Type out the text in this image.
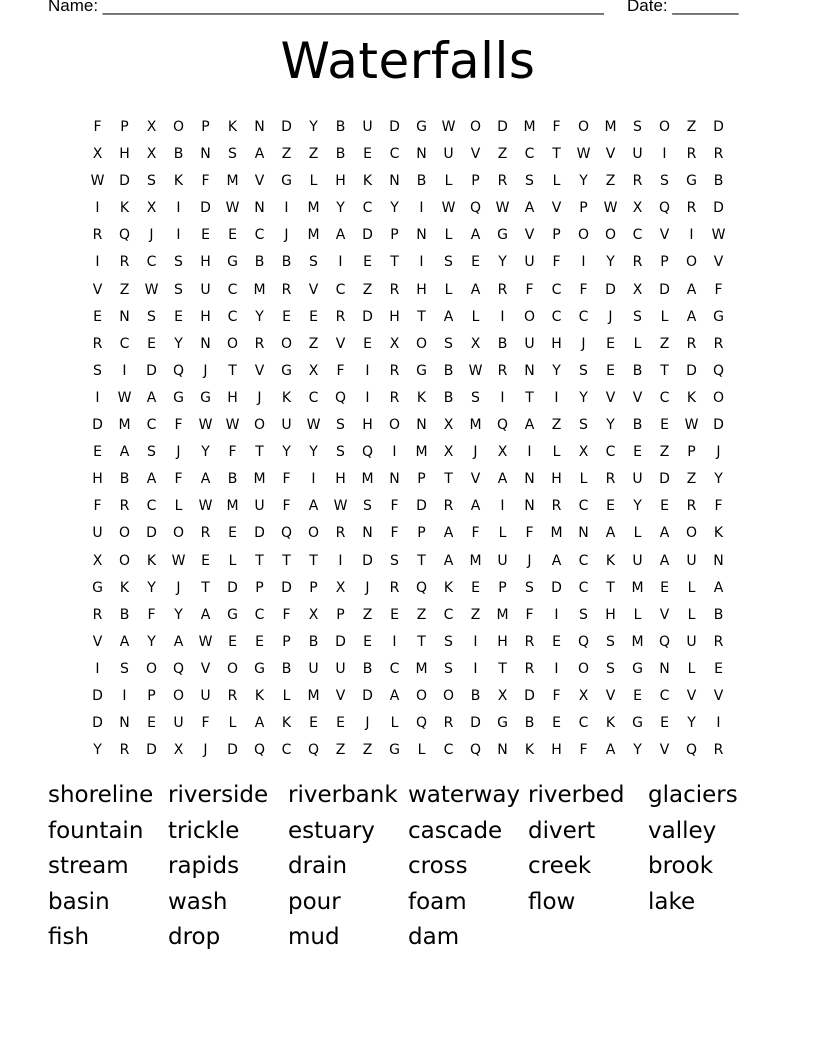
Name: _____________________________________________________ Date: _______
Waterfalls
F	P	X	O	P	K	N	D	Y	B	U	D	G	W	O	D	M	F	O	M	S	O	Z	D
X	H	X	B	N	S	A	Z	Z	B	E	C	N	U	V	Z	C	T	W	V	U	I	R	R
W	D	S	K	F	M	V	G	L	H	K	N	B	L	P	R	S	L	Y	Z	R	S	G	B
I	K	X	I	D	W	N	I	M	Y	C	Y	I	W	Q	W	A	V	P	W	X	Q	R	D
R	Q	J	I	E	E	C	J	M	A	D	P	N	L	A	G	V	P	O	O	C	V	I	W
I	R	C	S	H	G	B	B	S	I	E	T	I	S	E	Y	U	F	I	Y	R	P	O	V
V	Z	W	S	U	C	M	R	V	C	Z	R	H	L	A	R	F	C	F	D	X	D	A	F
E	N	S	E	H	C	Y	E	E	R	D	H	T	A	L	I	O	C	C	J	S	L	A	G
R	C	E	Y	N	O	R	O	Z	V	E	X	O	S	X	B	U	H	J	E	L	Z	R	R
S	I	D	Q	J	T	V	G	X	F	I	R	G	B	W	R	N	Y	S	E	B	T	D	Q
I	W	A	G	G	H	J	K	C	Q	I	R	K	B	S	I	T	I	Y	V	V	C	K	O
D	M	C	F	W W	O	U	W	S	H	O	N	X	M	Q	A	Z	S	Y	B	E	W	D
E	A	S	J	Y	F	T	Y	Y	S	Q	I	M	X	J	X	I	L	X	C	E	Z	P	J
H	B	A	F	A	B	M	F	I	H	M	N	P	T	V	A	N	H	L	R	U	D	Z	Y
F	R	C	L	W	M	U	F	A	W	S	F	D	R	A	I	N	R	C	E	Y	E	R	F
U	O	D	O	R	E	D	Q	O	R	N	F	P	A	F	L	F	M	N	A	L	A	O	K
X	O	K	W	E	L	T	T	T	I	D	S	T	A	M	U	J	A	C	K	U	A	U	N
G	K	Y	J	T	D	P	D	P	X	J	R	Q	K	E	P	S	D	C	T	M	E	L	A
R	B	F	Y	A	G	C	F	X	P	Z	E	Z	C	Z	M	F	I	S	H	L	V	L	B
V	A	Y	A	W	E	E	P	B	D	E	I	T	S	I	H	R	E	Q	S	M	Q	U	R
I	S	O	Q	V	O	G	B	U	U	B	C	M	S	I	T	R	I	O	S	G	N	L	E
D	I	P	O	U	R	K	L	M	V	D	A	O	O	B	X	D	F	X	V	E	C	V	V
D	N	E	U	F	L	A	K	E	E	J	L	Q	R	D	G	B	E	C	K	G	E	Y	I
Y	R	D	X	J	D	Q	C	Q	Z	Z	G	L	C	Q	N	K	H	F	A	Y	V	Q	R
shoreline riverside riverbank waterway riverbed	glaciers
fountain	trickle	estuary	cascade	divert	valley
stream	rapids	drain	cross	creek	brook
basin	wash	pour	foam	flow	lake
fish	drop	mud	dam
